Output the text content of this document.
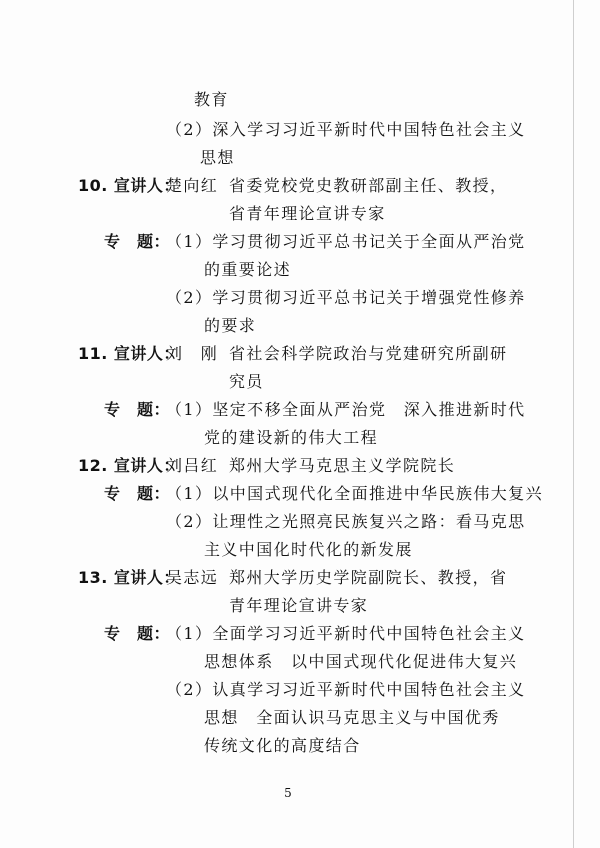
教育
（2）深入学习习近平新时代中国特色社会主义
思想
10. 宣讲人：
楚向红 省委党校党史教研部副主任、教授，
省青年理论宣讲专家
专　题：
（1）学习贯彻习近平总书记关于全面从严治党
的重要论述
（2）学习贯彻习近平总书记关于增强党性修养
的要求
11. 宣讲人：
刘　刚 省社会科学院政治与党建研究所副研
究员
专　题：
（1）坚定不移全面从严治党　深入推进新时代
党的建设新的伟大工程
12. 宣讲人：
刘吕红 郑州大学马克思主义学院院长
专　题：
（1）以中国式现代化全面推进中华民族伟大复兴
（2）让理性之光照亮民族复兴之路：看马克思
主义中国化时代化的新发展
13. 宣讲人：
吴志远 郑州大学历史学院副院长、教授，省
青年理论宣讲专家
专　题：
（1）全面学习习近平新时代中国特色社会主义
思想体系　以中国式现代化促进伟大复兴
（2）认真学习习近平新时代中国特色社会主义
思想　全面认识马克思主义与中国优秀
传统文化的高度结合
5
